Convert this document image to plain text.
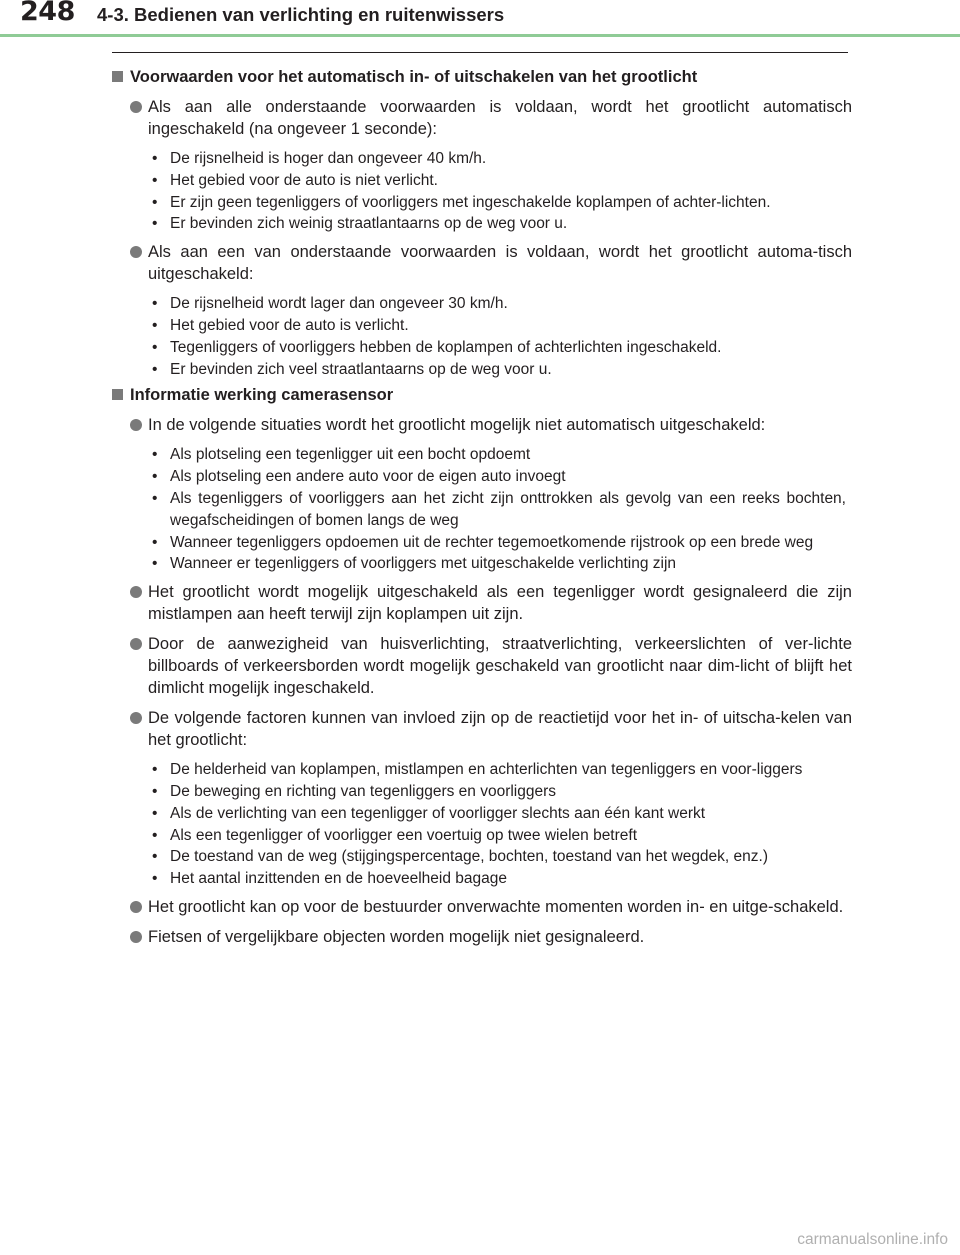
248 4-3. Bedienen van verlichting en ruitenwissers
Voorwaarden voor het automatisch in- of uitschakelen van het grootlicht
Als aan alle onderstaande voorwaarden is voldaan, wordt het grootlicht automatisch ingeschakeld (na ongeveer 1 seconde):
• De rijsnelheid is hoger dan ongeveer 40 km/h.
• Het gebied voor de auto is niet verlicht.
• Er zijn geen tegenliggers of voorliggers met ingeschakelde koplampen of achter-lichten.
• Er bevinden zich weinig straatlantaarns op de weg voor u.
Als aan een van onderstaande voorwaarden is voldaan, wordt het grootlicht automa-tisch uitgeschakeld:
• De rijsnelheid wordt lager dan ongeveer 30 km/h.
• Het gebied voor de auto is verlicht.
• Tegenliggers of voorliggers hebben de koplampen of achterlichten ingeschakeld.
• Er bevinden zich veel straatlantaarns op de weg voor u.
Informatie werking camerasensor
In de volgende situaties wordt het grootlicht mogelijk niet automatisch uitgeschakeld:
• Als plotseling een tegenligger uit een bocht opdoemt
• Als plotseling een andere auto voor de eigen auto invoegt
• Als tegenliggers of voorliggers aan het zicht zijn onttrokken als gevolg van een reeks bochten, wegafscheidingen of bomen langs de weg
• Wanneer tegenliggers opdoemen uit de rechter tegemoetkomende rijstrook op een brede weg
• Wanneer er tegenliggers of voorliggers met uitgeschakelde verlichting zijn
Het grootlicht wordt mogelijk uitgeschakeld als een tegenligger wordt gesignaleerd die zijn mistlampen aan heeft terwijl zijn koplampen uit zijn.
Door de aanwezigheid van huisverlichting, straatverlichting, verkeerslichten of ver-lichte billboards of verkeersborden wordt mogelijk geschakeld van grootlicht naar dim-licht of blijft het dimlicht mogelijk ingeschakeld.
De volgende factoren kunnen van invloed zijn op de reactietijd voor het in- of uitscha-kelen van het grootlicht:
• De helderheid van koplampen, mistlampen en achterlichten van tegenliggers en voor-liggers
• De beweging en richting van tegenliggers en voorliggers
• Als de verlichting van een tegenligger of voorligger slechts aan één kant werkt
• Als een tegenligger of voorligger een voertuig op twee wielen betreft
• De toestand van de weg (stijgingspercentage, bochten, toestand van het wegdek, enz.)
• Het aantal inzittenden en de hoeveelheid bagage
Het grootlicht kan op voor de bestuurder onverwachte momenten worden in- en uitge-schakeld.
Fietsen of vergelijkbare objecten worden mogelijk niet gesignaleerd.
carmanualsonline.info
